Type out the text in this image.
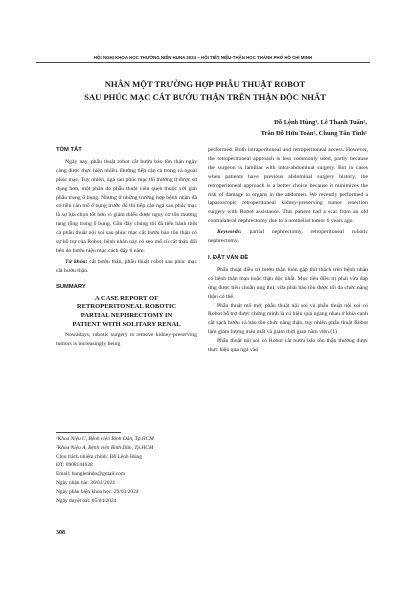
HỘI NGHỊ KHOA HỌC THƯỜNG NIÊN HUNA 2024 – HỘI TIẾT NIỆU-THẬN HỌC THÀNH PHỐ HỒ CHÍ MINH
NHÂN MỘT TRƯỜNG HỢP PHẪU THUẬT ROBOT
SAU PHÚC MẠC CẮT BƯỚU THẬN TRÊN THẬN ĐỘC NHẤT
Đỗ Lệnh Hùng¹, Lê Thanh Tuấn¹,
Trần Đỗ Hữu Toàn², Chung Tấn Tình¹

TÓM TẮT

Ngày nay, phẫu thuật robot cắt bướu bảo tồn thận ngày càng được thực hiện nhiều. Đường tiếp cận cả trong và ngoài phúc mạc. Tuy nhiên, ngả sau phúc mạc thì thường ít được sử dụng hơn, một phần do phẫu thuật viên quen thuộc với giải phẫu trong ổ bụng. Nhưng ở những trường hợp bệnh nhân đã có tiền căn mổ ổ bụng trước đó thì tiếp cận ngả sau phúc mạc là sự lựa chọn tốt hơn vì giảm thiểu được nguy cơ tổn thương tạng rỗng trong ổ bụng. Gần đây chúng tôi đã tiến hành một ca phẫu thuật nội soi sau phúc mạc cắt bướu bảo tồn thận có sự hỗ trợ của Robot, bệnh nhân này có sẹo mổ cũ cắt thận đối bên do bướu niệu mạc cách đây 6 năm.

Từ khóa: cắt bướu thận, phẫu thuật robot sau phúc mạc cắt bướu thận.

SUMMARY

A CASE REPORT OF
RETROPERITONEAL ROBOTIC
PARTIAL NEPHRECTOMY IN
PATIENT WITH SOLITARY RENAL

Nowadays, robotic surgery to remove kidney-preserving tumors is increasingly being

¹Khoa Niệu C, Bệnh viện Bình Dân, Tp.HCM
²Khoa Niệu A, Bệnh viện Bình Dân, Tp.HCM
Chịu trách nhiệm chính: Đỗ Lệnh Hùng
ĐT: 0908144628
Email: hunglenhdo@gmail.com
Ngày nhận bài: 30/01/2024
Ngày phản biện khoa học: 29/03/2024
Ngày duyệt bài: 05/04/2024
308

performed. Both intraperitoneal and retroperitoneal access. However, the retroperitoneal approach is less commonly used, partly because the surgeon is familiar with intra-abdominal surgery. But in cases when patients have previous abdominal surgery history, the retroperitoneal approach is a better choice because it minimizes the risk of damage to organs in the abdomen. We recently performed a laparoscopic retroperitoneal kidney-preserving tumor resection surgery with Robot assistance. This patient had a scar from an old contralateral nephrectomy due to a urothelial tumor 6 years ago.

Keywords: partial nephrectomy, retroperitoneal robotic nephrectomy.

I. ĐẶT VẤN ĐỀ

Phẫu thuật điều trị bướu thận luôn gặp thử thách trên bệnh nhân có bệnh thận mạn hoặc thận độc nhất. Mục tiêu điều trị phải vừa đáp ứng được tiêu chuẩn ung thư, vừa phải bảo tồn được tối đa chức năng thận có thể.

Phẫu thuật mổ mở, phẫu thuật nội soi và phẫu thuật nội soi có Robot hỗ trợ được chứng minh là có hiệu quả ngang nhau ở khía cạnh cắt sạch bướu và bảo tồn chức năng thận, tuy nhiên phẫu thuật Robot làm giảm lượng máu mất và giảm thời gian nằm viện.(1)

Phẫu thuật nội soi có Robot cắt bướu bảo tồn thận thường được thực hiện qua ngả vào
